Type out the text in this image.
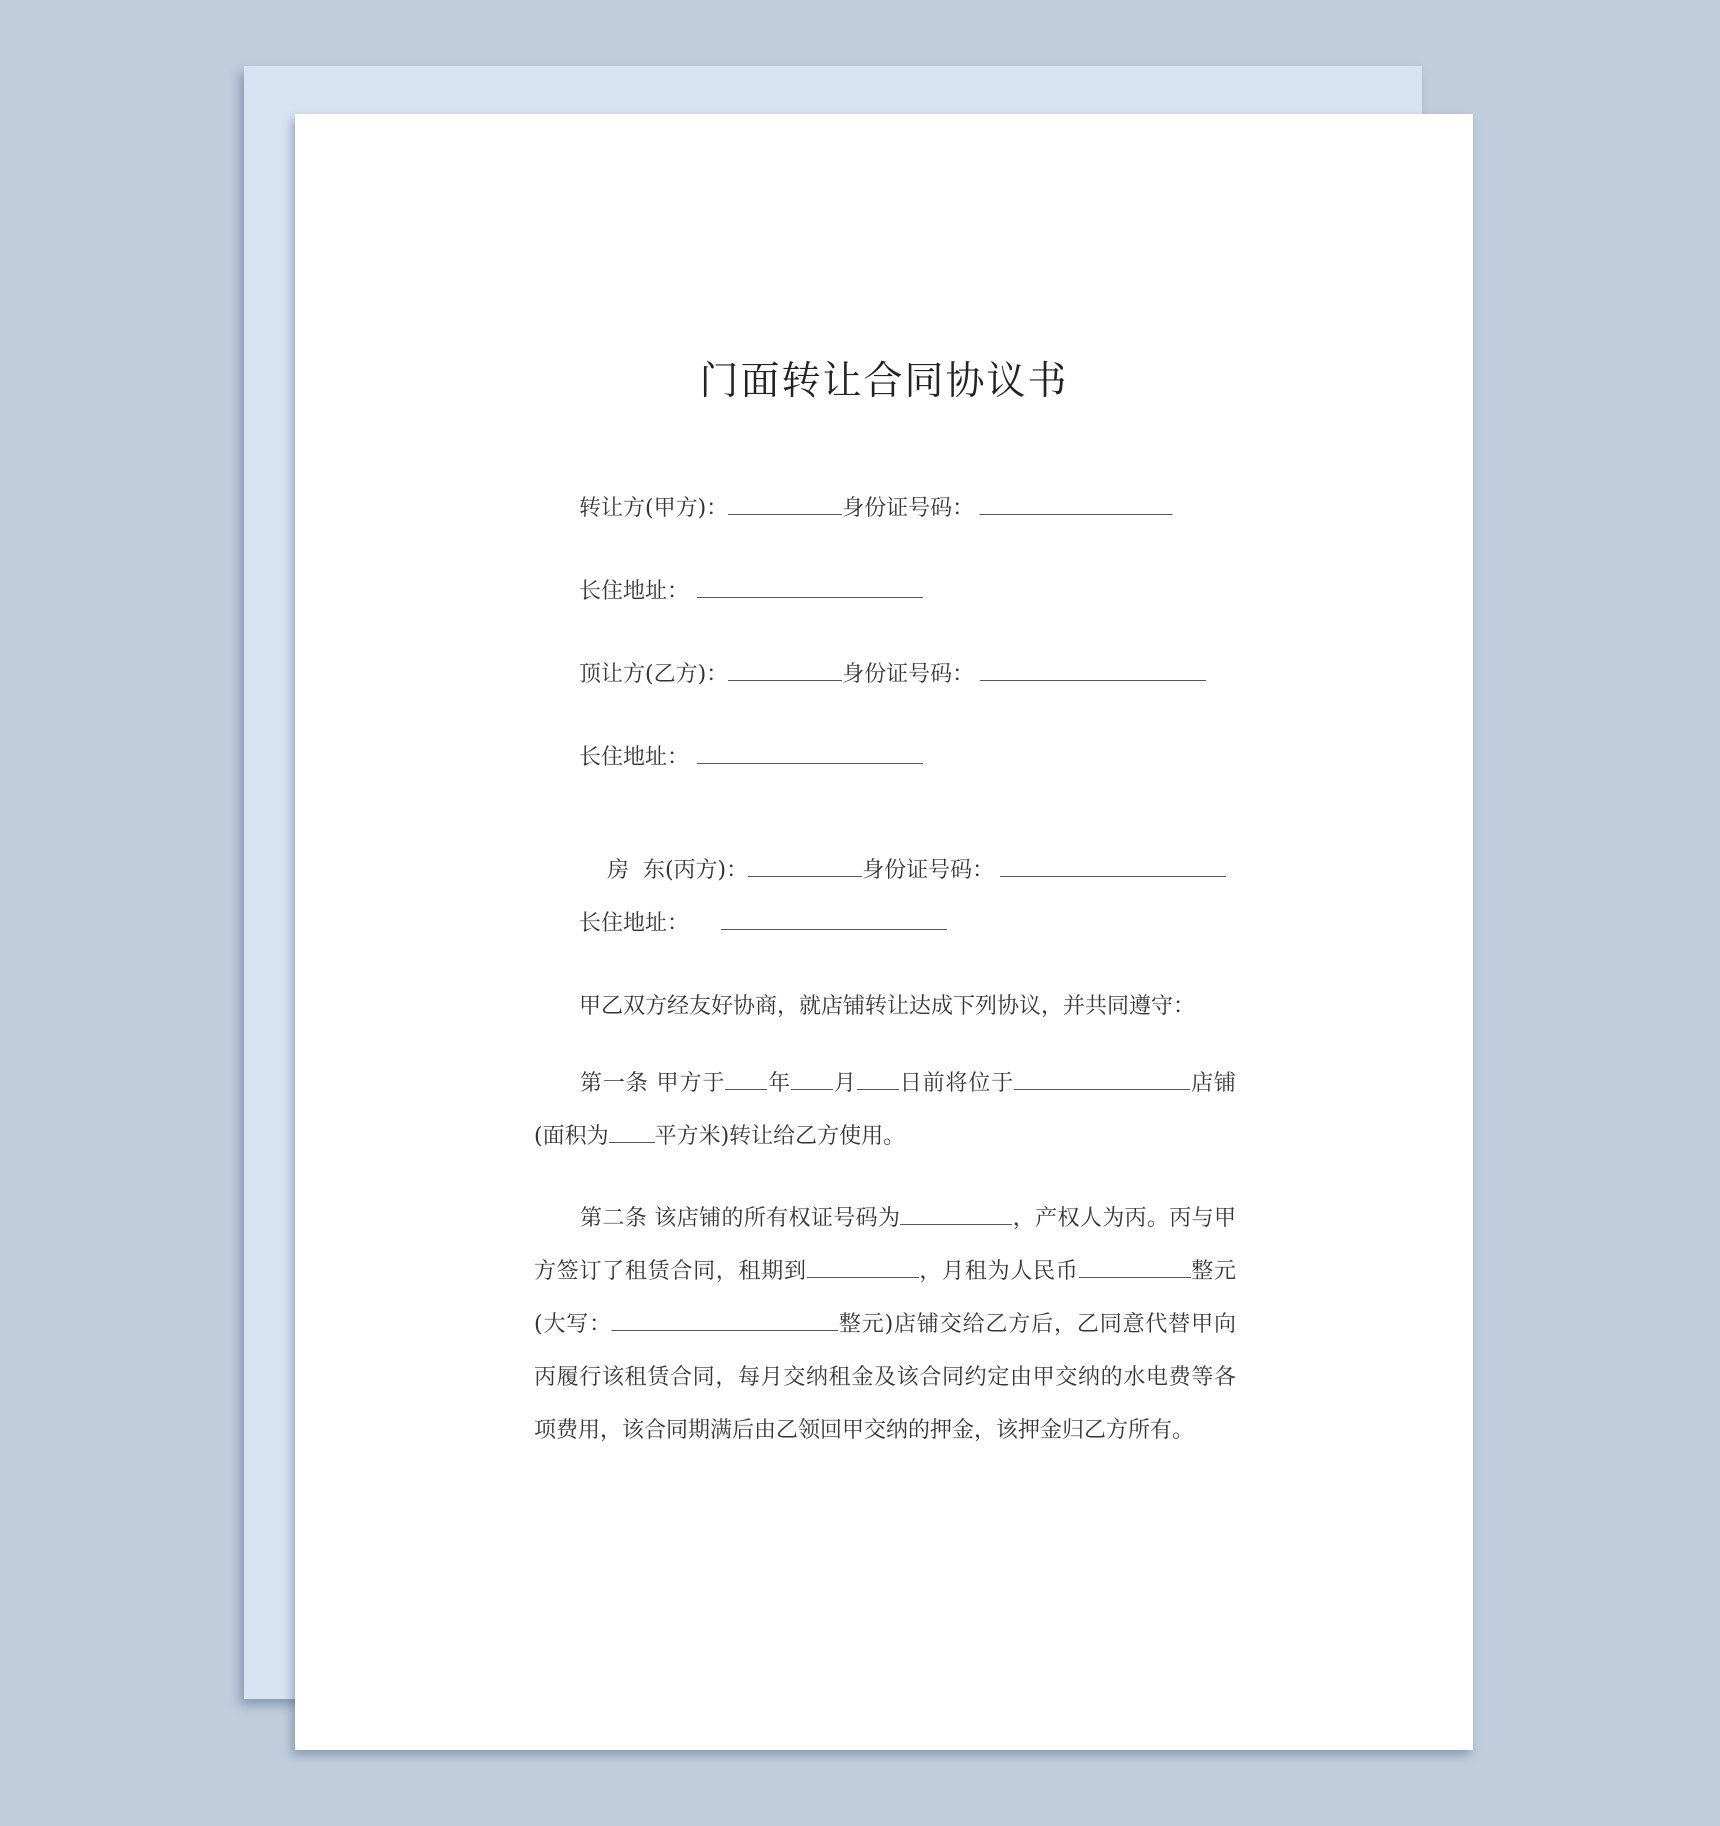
门面转让合同协议书
转让方(甲方)：	身份证号码：
长住地址：
顶让方(乙方)：	身份证号码：
长住地址：

房  东(丙方)：	身份证号码：

长住地址：
甲乙双方经友好协商，就店铺转让达成下列协议，并共同遵守：
第一条 甲方于 年 月 日前将位于	店铺(面积为 平方米)转让给乙方使用。
第二条 该店铺的所有权证号码为	，产权人为丙。丙与甲方签订了租赁合同，租期到	，月租为人民币	整元(大写：	整元)店铺交给乙方后，乙同意代替甲向丙履行该租赁合同，每月交纳租金及该合同约定由甲交纳的水电费等各项费用，该合同期满后由乙领回甲交纳的押金，该押金归乙方所有。
